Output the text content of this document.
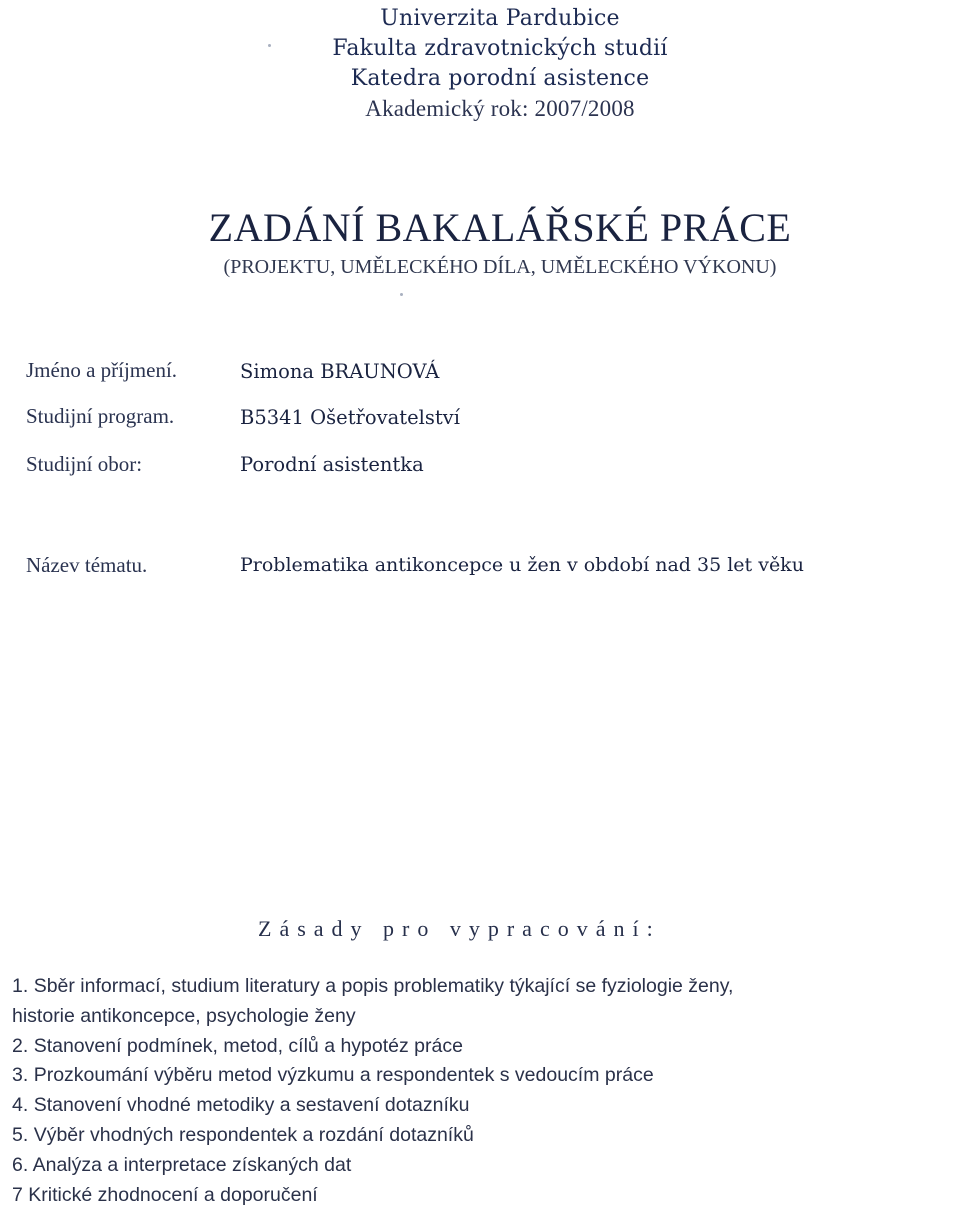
Univerzita Pardubice
Fakulta zdravotnických studií
Katedra porodní asistence
Akademický rok: 2007/2008
ZADÁNÍ BAKALÁŘSKÉ PRÁCE
(PROJEKTU, UMĚLECKÉHO DÍLA, UMĚLECKÉHO VÝKONU)
Jméno a příjmení.	Simona BRAUNOVÁ
Studijní program.	B5341 Ošetřovatelství
Studijní obor:	Porodní asistentka
Název tématu.	Problematika antikoncepce u žen v období nad 35 let věku
Zásady pro vypracování:
1. Sběr informací, studium literatury a popis problematiky týkající se fyziologie ženy,
historie antikoncepce, psychologie ženy
2. Stanovení podmínek, metod, cílů a hypotéz práce
3. Prozkoumání výběru metod výzkumu a respondentek s vedoucím práce
4. Stanovení vhodné metodiky a sestavení dotazníku
5. Výběr vhodných respondentek a rozdání dotazníků
6. Analýza a interpretace získaných dat
7 Kritické zhodnocení a doporučení
